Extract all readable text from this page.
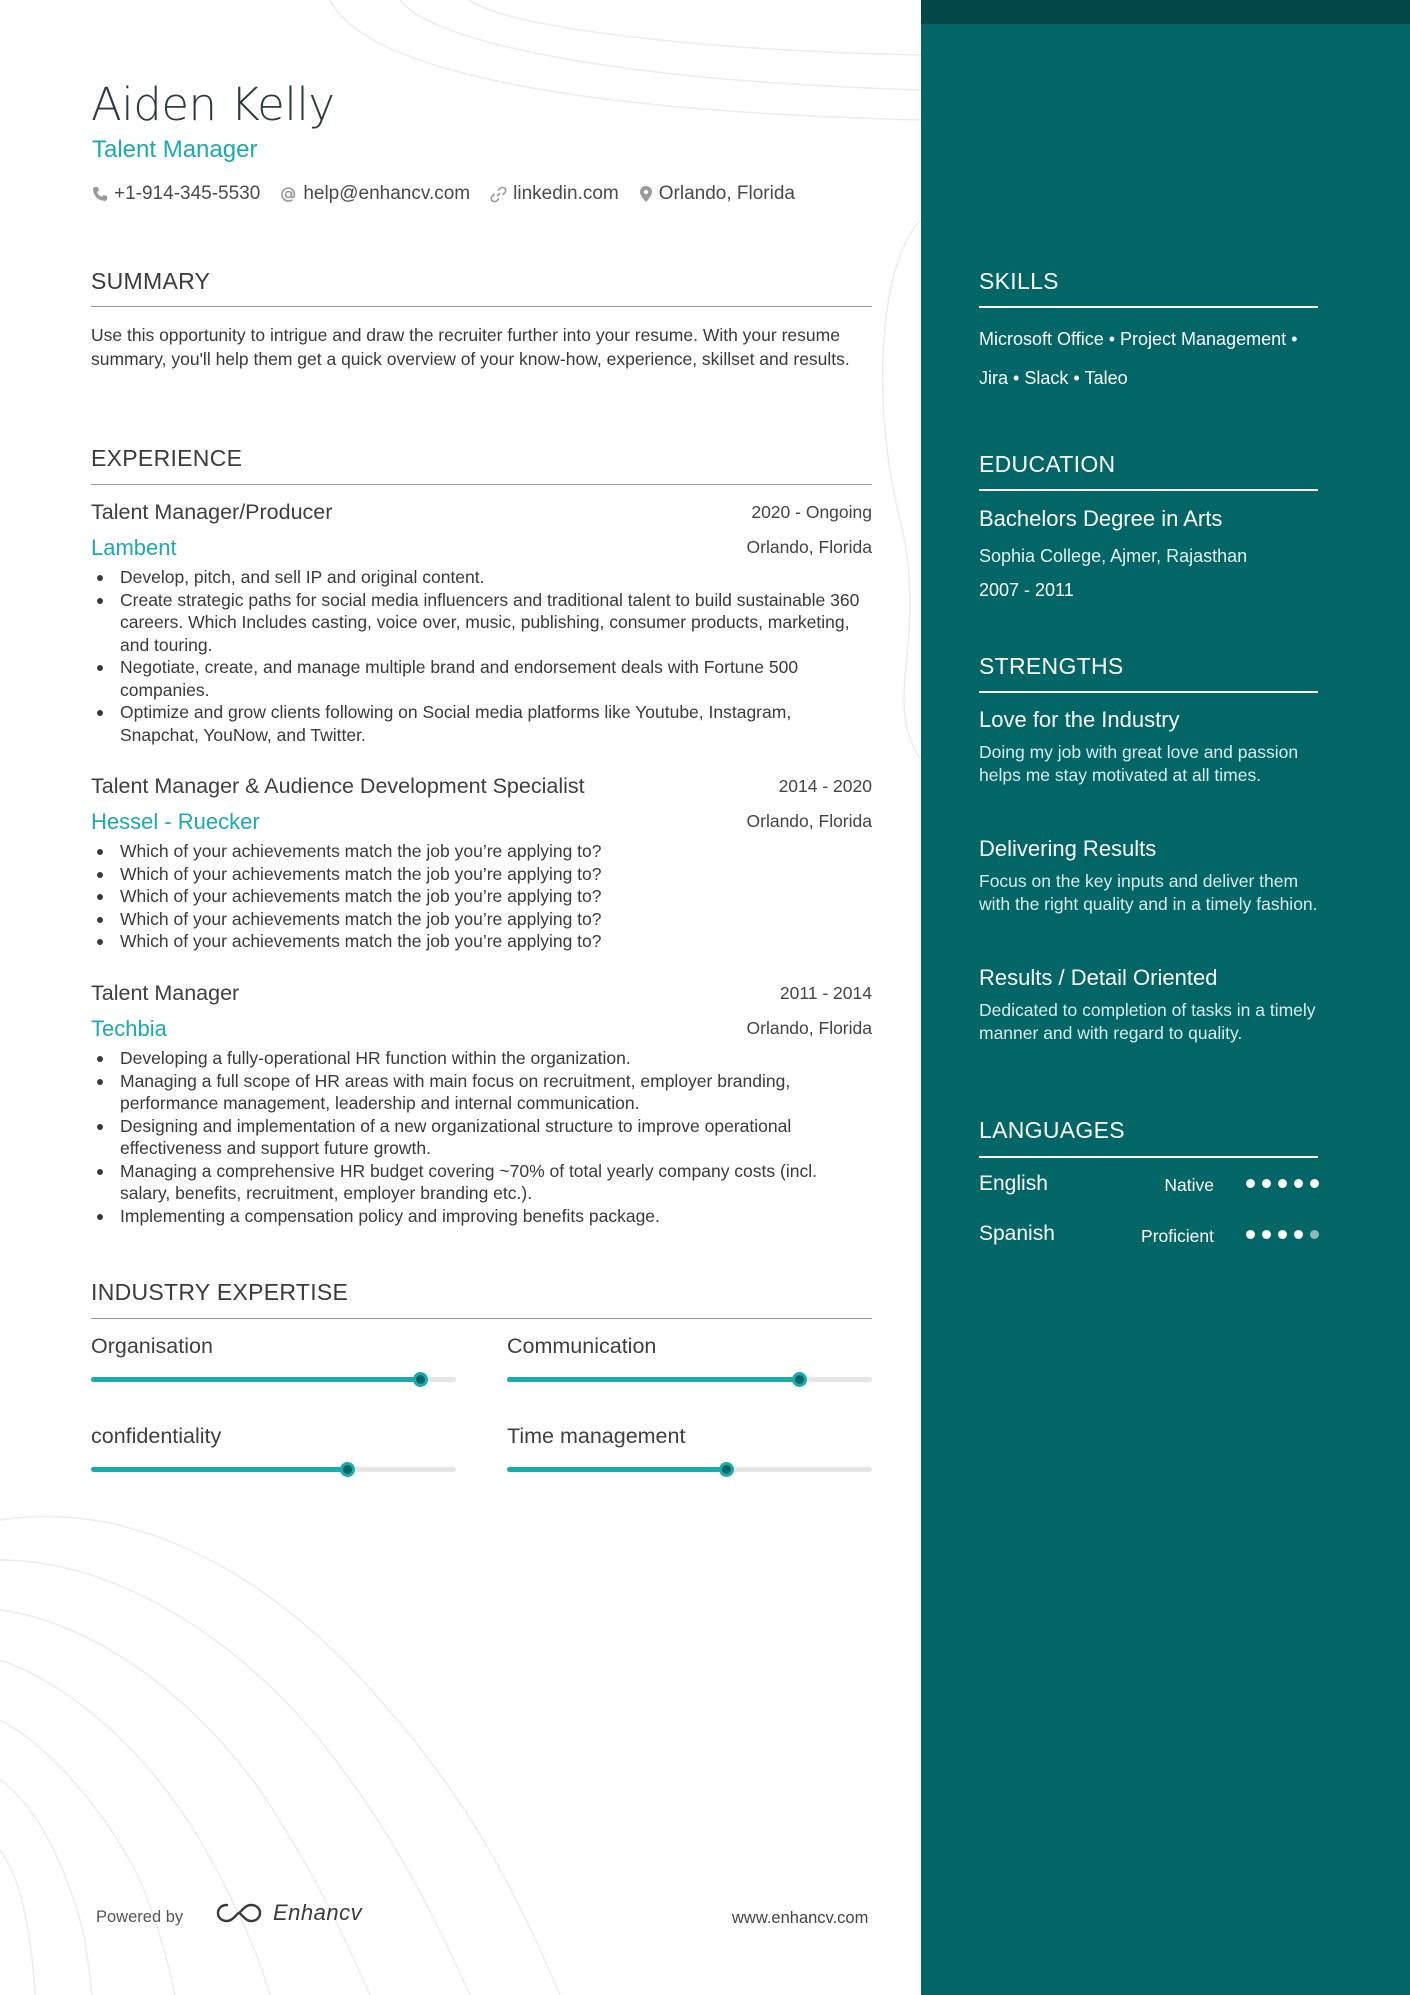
Aiden Kelly
Talent Manager
+1-914-345-5530 help@enhancv.com linkedin.com Orlando, Florida
SUMMARY
Use this opportunity to intrigue and draw the recruiter further into your resume. With your resume summary, you'll help them get a quick overview of your know-how, experience, skillset and results.
EXPERIENCE
Talent Manager/Producer	2020 - Ongoing
Lambent	Orlando, Florida
Develop, pitch, and sell IP and original content.
Create strategic paths for social media influencers and traditional talent to build sustainable 360 careers. Which Includes casting, voice over, music, publishing, consumer products, marketing, and touring.
Negotiate, create, and manage multiple brand and endorsement deals with Fortune 500 companies.
Optimize and grow clients following on Social media platforms like Youtube, Instagram, Snapchat, YouNow, and Twitter.
Talent Manager & Audience Development Specialist	2014 - 2020
Hessel - Ruecker	Orlando, Florida
Which of your achievements match the job you’re applying to?
Which of your achievements match the job you’re applying to?
Which of your achievements match the job you’re applying to?
Which of your achievements match the job you’re applying to?
Which of your achievements match the job you’re applying to?
Talent Manager	2011 - 2014
Techbia	Orlando, Florida
Developing a fully-operational HR function within the organization.
Managing a full scope of HR areas with main focus on recruitment, employer branding, performance management, leadership and internal communication.
Designing and implementation of a new organizational structure to improve operational effectiveness and support future growth.
Managing a comprehensive HR budget covering ~70% of total yearly company costs (incl. salary, benefits, recruitment, employer branding etc.).
Implementing a compensation policy and improving benefits package.
INDUSTRY EXPERTISE
Organisation	Communication
confidentiality	Time management
Powered by	Enhancv	www.enhancv.com
SKILLS
Microsoft Office • Project Management •
Jira • Slack • Taleo
EDUCATION
Bachelors Degree in Arts
Sophia College, Ajmer, Rajasthan
2007 - 2011
STRENGTHS
Love for the Industry
Doing my job with great love and passion helps me stay motivated at all times.
Delivering Results
Focus on the key inputs and deliver them with the right quality and in a timely fashion.
Results / Detail Oriented
Dedicated to completion of tasks in a timely manner and with regard to quality.
LANGUAGES
English	Native
Spanish	Proficient
